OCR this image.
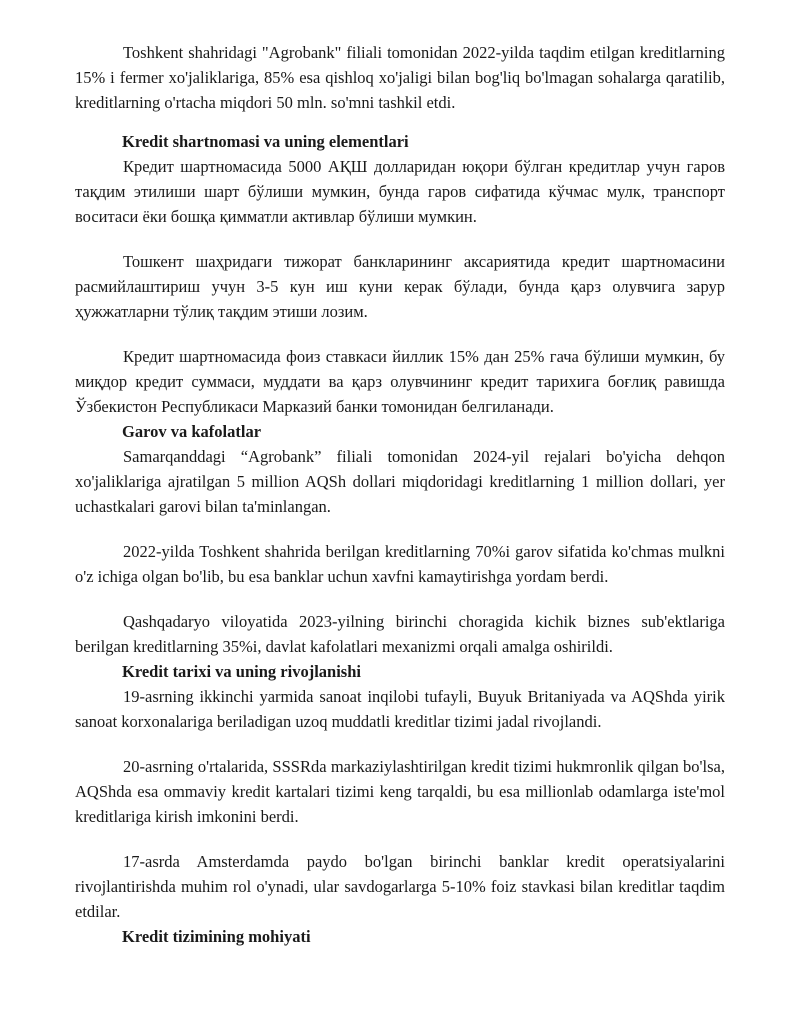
Toshkent shahridagi "Agrobank" filiali tomonidan 2022-yilda taqdim etilgan kreditlarning 15% i fermer xo'jaliklariga, 85% esa qishloq xo'jaligi bilan bog'liq bo'lmagan sohalarga qaratilib, kreditlarning o'rtacha miqdori 50 mln. so'mni tashkil etdi.

Kredit shartnomasi va uning elementlari

Кредит шартномасида 5000 АҚШ долларидан юқори бўлган кредитлар учун гаров тақдим этилиши шарт бўлиши мумкин, бунда гаров сифатида кўчмас мулк, транспорт воситаси ёки бошқа қимматли активлар бўлиши мумкин.

Тошкент шаҳридаги тижорат банкларининг аксариятида кредит шартномасини расмийлаштириш учун 3-5 кун иш куни керак бўлади, бунда қарз олувчига зарур ҳужжатларни тўлиқ тақдим этиши лозим.

Кредит шартномасида фоиз ставкаси йиллик 15% дан 25% гача бўлиши мумкин, бу миқдор кредит суммаси, муддати ва қарз олувчининг кредит тарихига боғлиқ равишда Ўзбекистон Республикаси Марказий банки томонидан белгиланади.

Garov va kafolatlar

Samarqanddagi “Agrobank” filiali tomonidan 2024-yil rejalari bo'yicha dehqon xo'jaliklariga ajratilgan 5 million AQSh dollari miqdoridagi kreditlarning 1 million dollari, yer uchastkalari garovi bilan ta'minlangan.

2022-yilda Toshkent shahrida berilgan kreditlarning 70%i garov sifatida ko'chmas mulkni o'z ichiga olgan bo'lib, bu esa banklar uchun xavfni kamaytirishga yordam berdi.

Qashqadaryo viloyatida 2023-yilning birinchi choragida kichik biznes sub'ektlariga berilgan kreditlarning 35%i, davlat kafolatlari mexanizmi orqali amalga oshirildi.

Kredit tarixi va uning rivojlanishi

19-asrning ikkinchi yarmida sanoat inqilobi tufayli, Buyuk Britaniyada va AQShda yirik sanoat korxonalariga beriladigan uzoq muddatli kreditlar tizimi jadal rivojlandi.

20-asrning o'rtalarida, SSSRda markaziylashtirilgan kredit tizimi hukmronlik qilgan bo'lsa, AQShda esa ommaviy kredit kartalari tizimi keng tarqaldi, bu esa millionlab odamlarga iste'mol kreditlariga kirish imkonini berdi.

17-asrda Amsterdamda paydo bo'lgan birinchi banklar kredit operatsiyalarini rivojlantirishda muhim rol o'ynadi, ular savdogarlarga 5-10% foiz stavkasi bilan kreditlar taqdim etdilar.

Kredit tizimining mohiyati
